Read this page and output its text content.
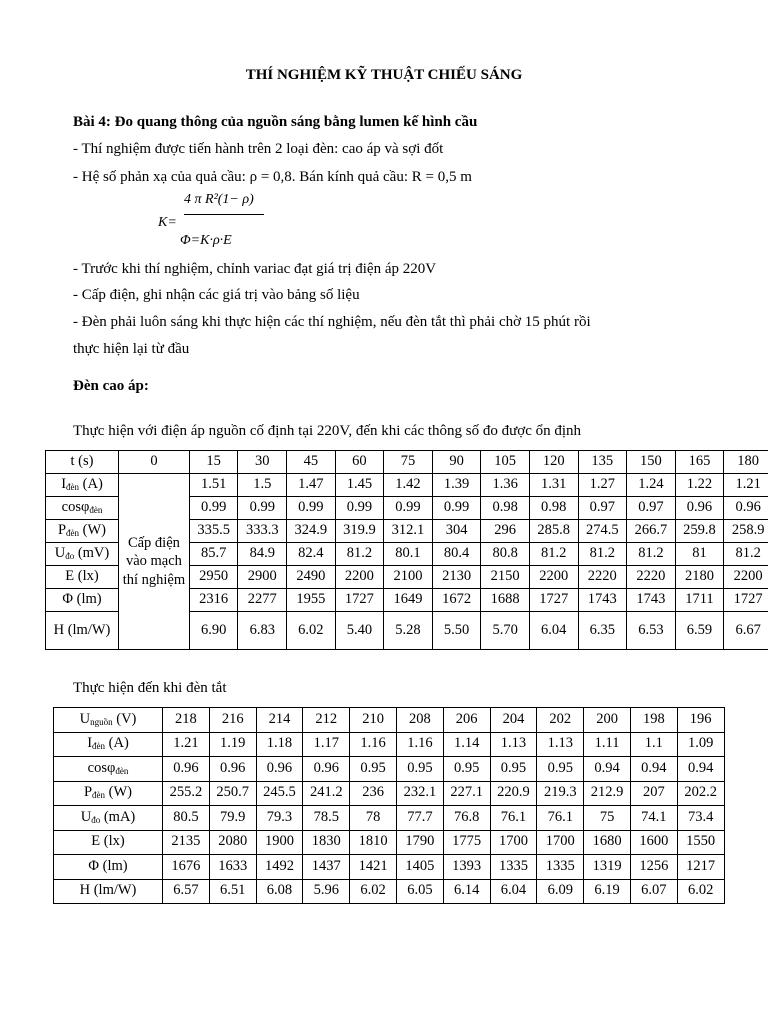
THÍ NGHIỆM KỸ THUẬT CHIẾU SÁNG
Bài 4: Đo quang thông của nguồn sáng bằng lumen kế hình cầu
- Thí nghiệm được tiến hành trên 2 loại đèn: cao áp và sợi đốt
- Hệ số phản xạ của quả cầu: ρ = 0,8. Bán kính quả cầu: R = 0,5 m
4 π R²(1− ρ)
K=
Φ=K·ρ·E
- Trước khi thí nghiệm, chỉnh variac đạt giá trị điện áp 220V
- Cấp điện, ghi nhận các giá trị vào bảng số liệu
- Đèn phải luôn sáng khi thực hiện các thí nghiệm, nếu đèn tắt thì phải chờ 15 phút rồi
thực hiện lại từ đầu
Đèn cao áp:
Thực hiện với điện áp nguồn cố định tại 220V, đến khi các thông số đo được ổn định
t (s)	0	15	30	45	60	75	90	105	120	135	150	165	180
Iđèn (A)	Cấp điện vào mạch thí nghiệm	1.51	1.5	1.47	1.45	1.42	1.39	1.36	1.31	1.27	1.24	1.22	1.21
cosφđèn		0.99	0.99	0.99	0.99	0.99	0.99	0.98	0.98	0.97	0.97	0.96	0.96
Pđèn (W)		335.5	333.3	324.9	319.9	312.1	304	296	285.8	274.5	266.7	259.8	258.9
Uđo (mV)		85.7	84.9	82.4	81.2	80.1	80.4	80.8	81.2	81.2	81.2	81	81.2
E (lx)		2950	2900	2490	2200	2100	2130	2150	2200	2220	2220	2180	2200
Φ (lm)		2316	2277	1955	1727	1649	1672	1688	1727	1743	1743	1711	1727
H (lm/W)		6.90	6.83	6.02	5.40	5.28	5.50	5.70	6.04	6.35	6.53	6.59	6.67
Thực hiện đến khi đèn tắt
Unguồn (V)	218	216	214	212	210	208	206	204	202	200	198	196
Iđèn (A)	1.21	1.19	1.18	1.17	1.16	1.16	1.14	1.13	1.13	1.11	1.1	1.09
cosφđèn	0.96	0.96	0.96	0.96	0.95	0.95	0.95	0.95	0.95	0.94	0.94	0.94
Pđèn (W)	255.2	250.7	245.5	241.2	236	232.1	227.1	220.9	219.3	212.9	207	202.2
Uđo (mA)	80.5	79.9	79.3	78.5	78	77.7	76.8	76.1	76.1	75	74.1	73.4
E (lx)	2135	2080	1900	1830	1810	1790	1775	1700	1700	1680	1600	1550
Φ (lm)	1676	1633	1492	1437	1421	1405	1393	1335	1335	1319	1256	1217
H (lm/W)	6.57	6.51	6.08	5.96	6.02	6.05	6.14	6.04	6.09	6.19	6.07	6.02
